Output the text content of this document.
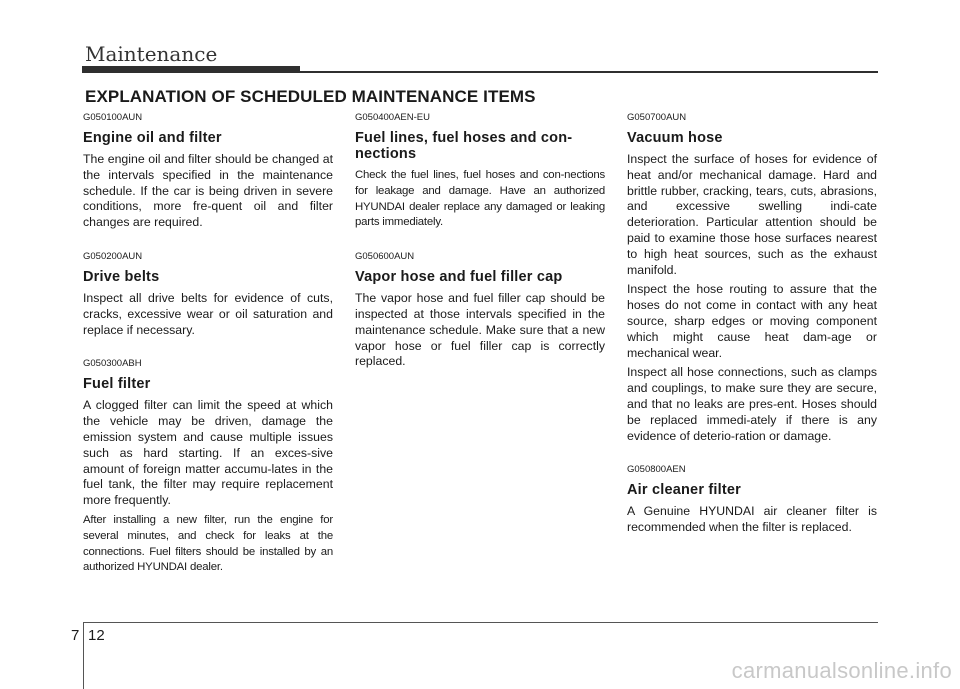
Maintenance
EXPLANATION OF SCHEDULED MAINTENANCE ITEMS

G050100AUN

Engine oil and filter

The engine oil and filter should be changed at the intervals specified in the maintenance schedule. If the car is being driven in severe conditions, more fre-quent oil and filter changes are required.

G050200AUN

Drive belts

Inspect all drive belts for evidence of cuts, cracks, excessive wear or oil saturation and replace if necessary.

G050300ABH

Fuel filter

A clogged filter can limit the speed at which the vehicle may be driven, damage the emission system and cause multiple issues such as hard starting. If an exces-sive amount of foreign matter accumu-lates in the fuel tank, the filter may require replacement more frequently.

After installing a new filter, run the engine for several minutes, and check for leaks at the connections. Fuel filters should be installed by an authorized HYUNDAI dealer.

G050400AEN-EU

Fuel lines, fuel hoses and con-nections

Check the fuel lines, fuel hoses and con-nections for leakage and damage. Have an authorized HYUNDAI dealer replace any damaged or leaking parts immediately.

G050600AUN

Vapor hose and fuel filler cap

The vapor hose and fuel filler cap should be inspected at those intervals specified in the maintenance schedule. Make sure that a new vapor hose or fuel filler cap is correctly replaced.

G050700AUN

Vacuum hose

Inspect the surface of hoses for evidence of heat and/or mechanical damage. Hard and brittle rubber, cracking, tears, cuts, abrasions, and excessive swelling indi-cate deterioration. Particular attention should be paid to examine those hose surfaces nearest to high heat sources, such as the exhaust manifold.

Inspect the hose routing to assure that the hoses do not come in contact with any heat source, sharp edges or moving component which might cause heat dam-age or mechanical wear.

Inspect all hose connections, such as clamps and couplings, to make sure they are secure, and that no leaks are pres-ent. Hoses should be replaced immedi-ately if there is any evidence of deterio-ration or damage.

G050800AEN

Air cleaner filter

A Genuine HYUNDAI air cleaner filter is recommended when the filter is replaced.

7 12

carmanualsonline.info
